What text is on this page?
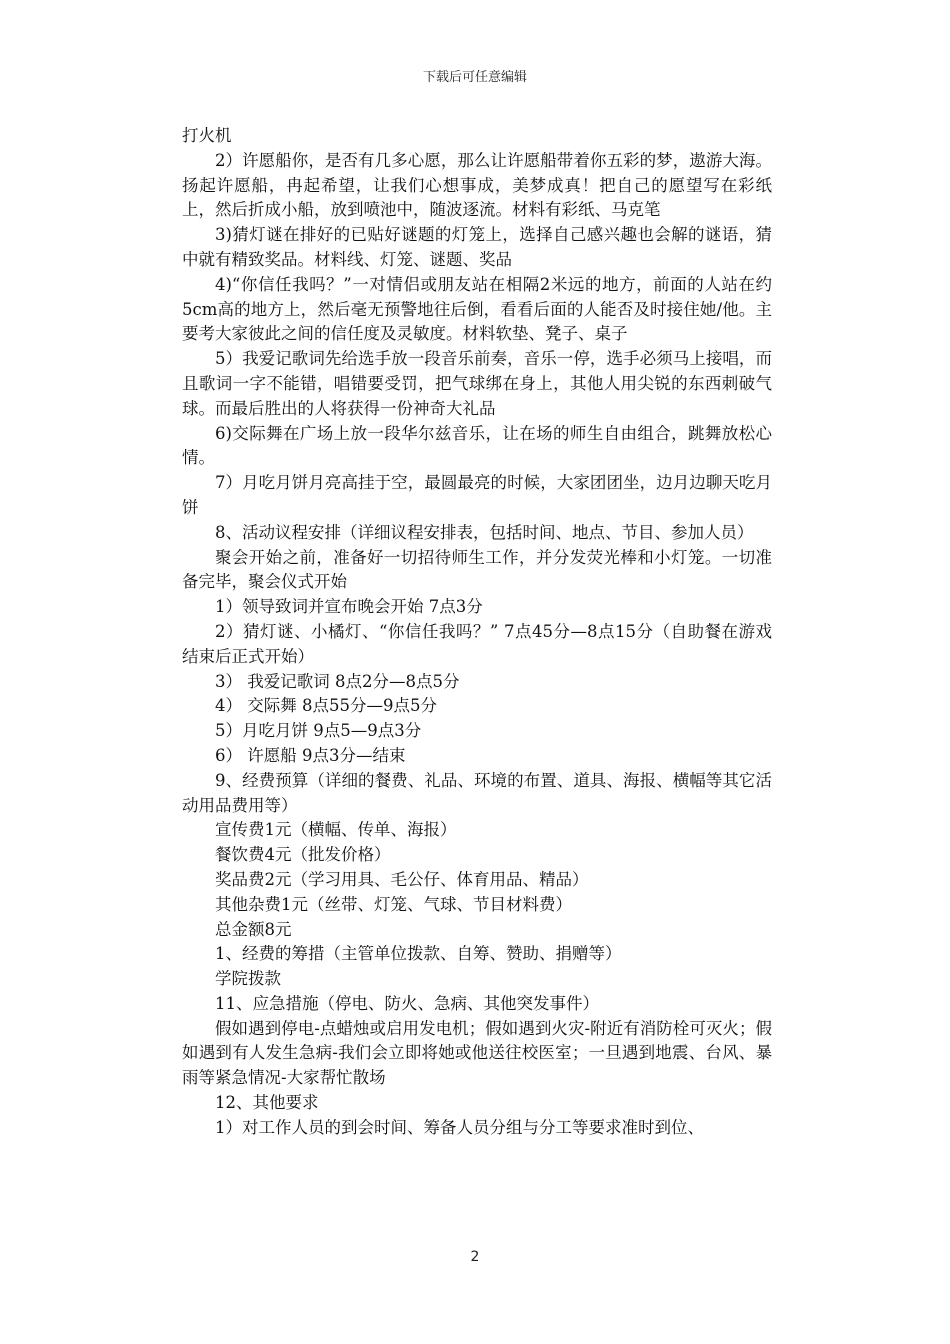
下载后可任意编辑

打火机

2）许愿船你，是否有几多心愿，那么让许愿船带着你五彩的梦，遨游大海。扬起许愿船，冉起希望，让我们心想事成，美梦成真！把自己的愿望写在彩纸上，然后折成小船，放到喷池中，随波逐流。材料有彩纸、马克笔

3)猜灯谜在排好的已贴好谜题的灯笼上，选择自己感兴趣也会解的谜语，猜中就有精致奖品。材料线、灯笼、谜题、奖品

4)“你信任我吗？”一对情侣或朋友站在相隔2米远的地方，前面的人站在约5cm高的地方上，然后毫无预警地往后倒，看看后面的人能否及时接住她/他。主要考大家彼此之间的信任度及灵敏度。材料软垫、凳子、桌子

5）我爱记歌词先给选手放一段音乐前奏，音乐一停，选手必须马上接唱，而且歌词一字不能错，唱错要受罚，把气球绑在身上，其他人用尖锐的东西刺破气球。而最后胜出的人将获得一份神奇大礼品

6)交际舞在广场上放一段华尔兹音乐，让在场的师生自由组合，跳舞放松心情。

7）月吃月饼月亮高挂于空，最圆最亮的时候，大家团团坐，边月边聊天吃月饼

8、活动议程安排（详细议程安排表，包括时间、地点、节目、参加人员）

聚会开始之前，准备好一切招待师生工作，并分发荧光棒和小灯笼。一切准备完毕，聚会仪式开始

1）领导致词并宣布晚会开始 7点3分

2）猜灯谜、小橘灯、“你信任我吗？” 7点45分—8点15分（自助餐在游戏结束后正式开始）

3） 我爱记歌词 8点2分—8点5分

4） 交际舞 8点55分—9点5分

5）月吃月饼 9点5—9点3分

6） 许愿船 9点3分—结束

9、经费预算（详细的餐费、礼品、环境的布置、道具、海报、横幅等其它活动用品费用等）

宣传费1元（横幅、传单、海报）

餐饮费4元（批发价格）

奖品费2元（学习用具、毛公仔、体育用品、精品）

其他杂费1元（丝带、灯笼、气球、节目材料费）

总金额8元

1、经费的筹措（主管单位拨款、自筹、赞助、捐赠等）

学院拨款

11、应急措施（停电、防火、急病、其他突发事件）

假如遇到停电-点蜡烛或启用发电机；假如遇到火灾-附近有消防栓可灭火；假如遇到有人发生急病-我们会立即将她或他送往校医室；一旦遇到地震、台风、暴雨等紧急情况-大家帮忙散场

12、其他要求

1）对工作人员的到会时间、筹备人员分组与分工等要求准时到位、

2
